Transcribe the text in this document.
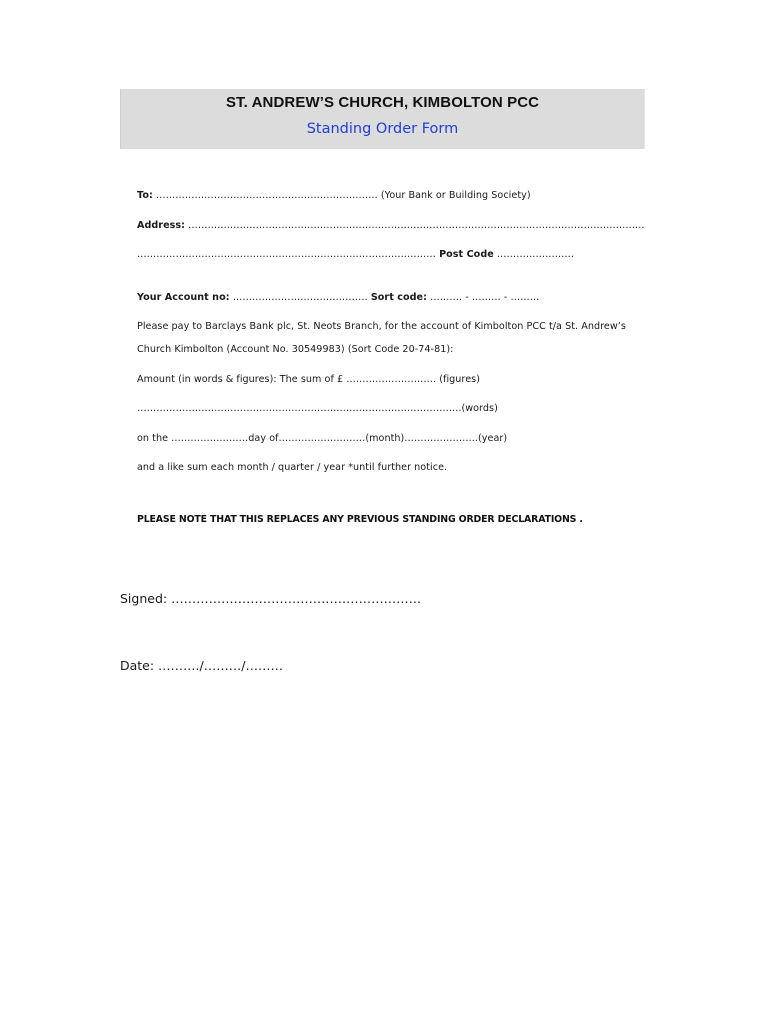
ST. ANDREW’S CHURCH, KIMBOLTON PCC
Standing Order Form
To: …………………………………………………………… (Your Bank or Building Society)
Address: …………………………………………………………………………………………………………………………….
………………………………………………………………………………… Post Code ……………………
Your Account no: …………………………………… Sort code: ………. - ……… - ………
Please pay to Barclays Bank plc, St. Neots Branch, for the account of Kimbolton PCC t/a St. Andrew’s
Church Kimbolton (Account No. 30549983) (Sort Code 20-74-81):
Amount (in words & figures): The sum of £ ………………………. (figures)
………………………………………………………………………………………..(words)
on the ……………………day of………………………(month)…………………..(year)
and a like sum each month / quarter / year *until further notice.
PLEASE NOTE THAT THIS REPLACES ANY PREVIOUS STANDING ORDER DECLARATIONS .
Signed: ……………………………………………………
Date: ………./………/………
